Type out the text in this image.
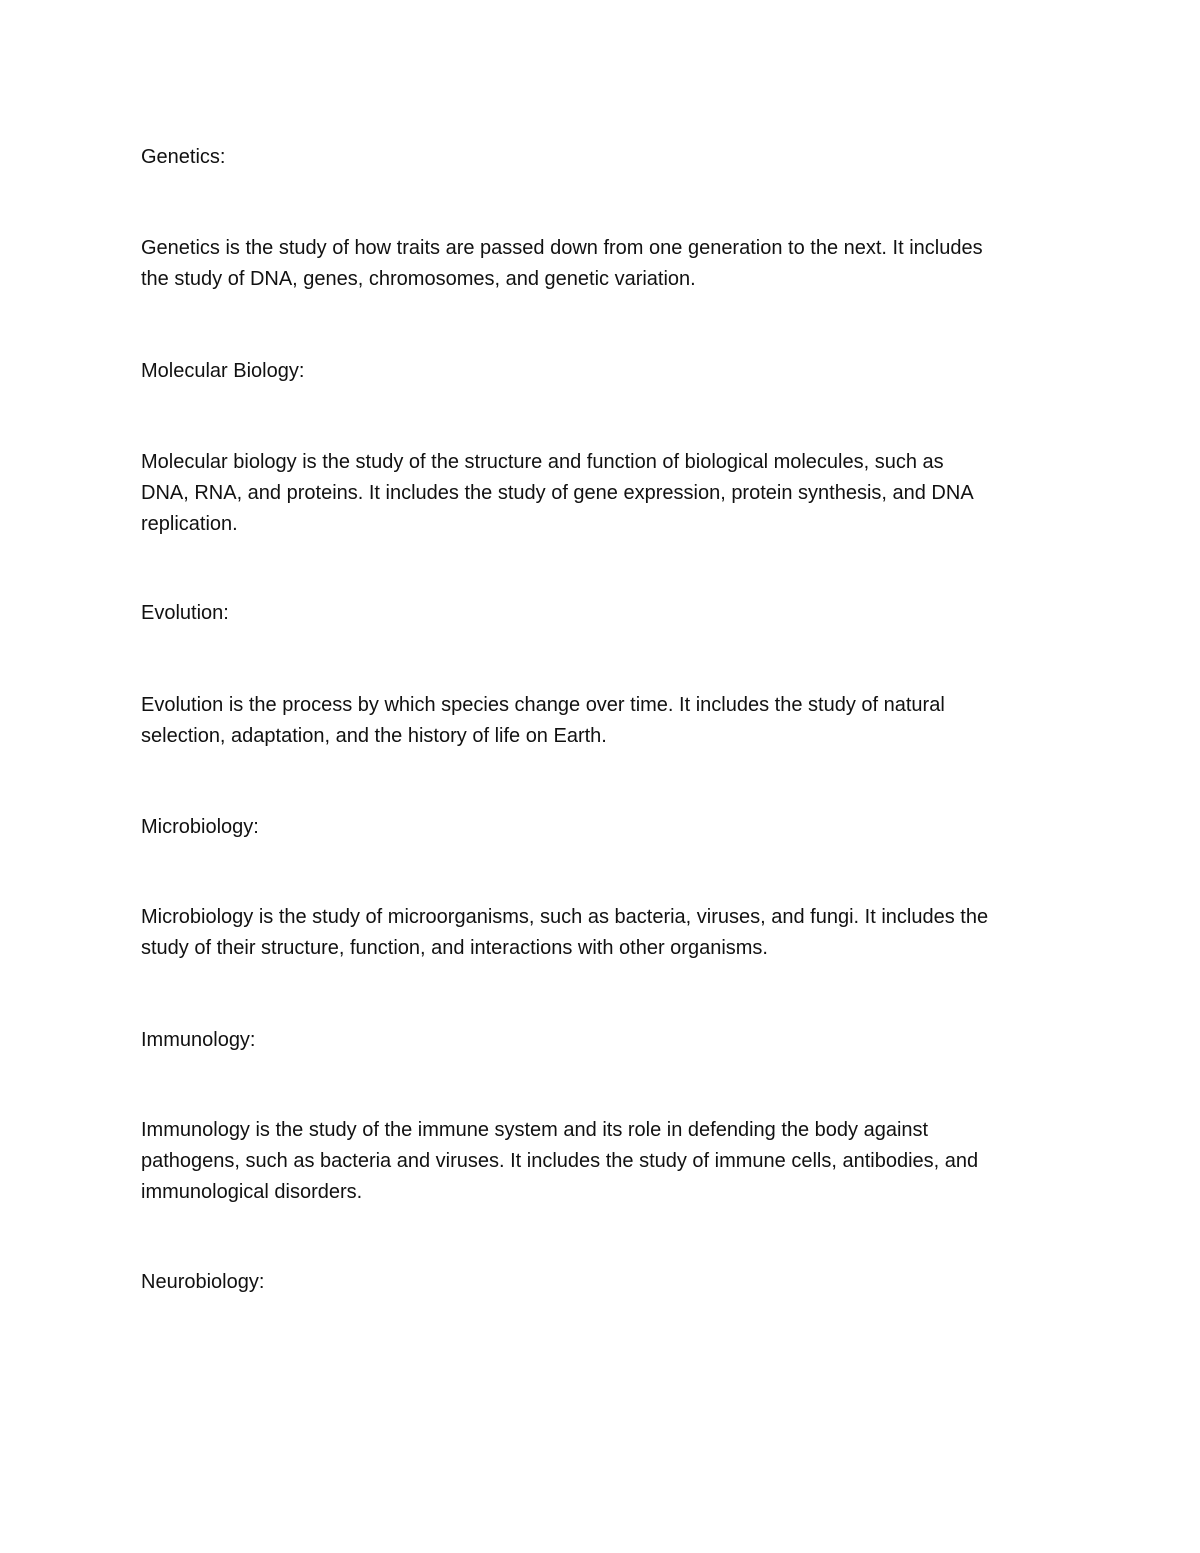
Genetics:

Genetics is the study of how traits are passed down from one generation to the next. It includes
the study of DNA, genes, chromosomes, and genetic variation.

Molecular Biology:

Molecular biology is the study of the structure and function of biological molecules, such as
DNA, RNA, and proteins. It includes the study of gene expression, protein synthesis, and DNA
replication.

Evolution:

Evolution is the process by which species change over time. It includes the study of natural
selection, adaptation, and the history of life on Earth.

Microbiology:

Microbiology is the study of microorganisms, such as bacteria, viruses, and fungi. It includes the
study of their structure, function, and interactions with other organisms.

Immunology:

Immunology is the study of the immune system and its role in defending the body against
pathogens, such as bacteria and viruses. It includes the study of immune cells, antibodies, and
immunological disorders.

Neurobiology:
